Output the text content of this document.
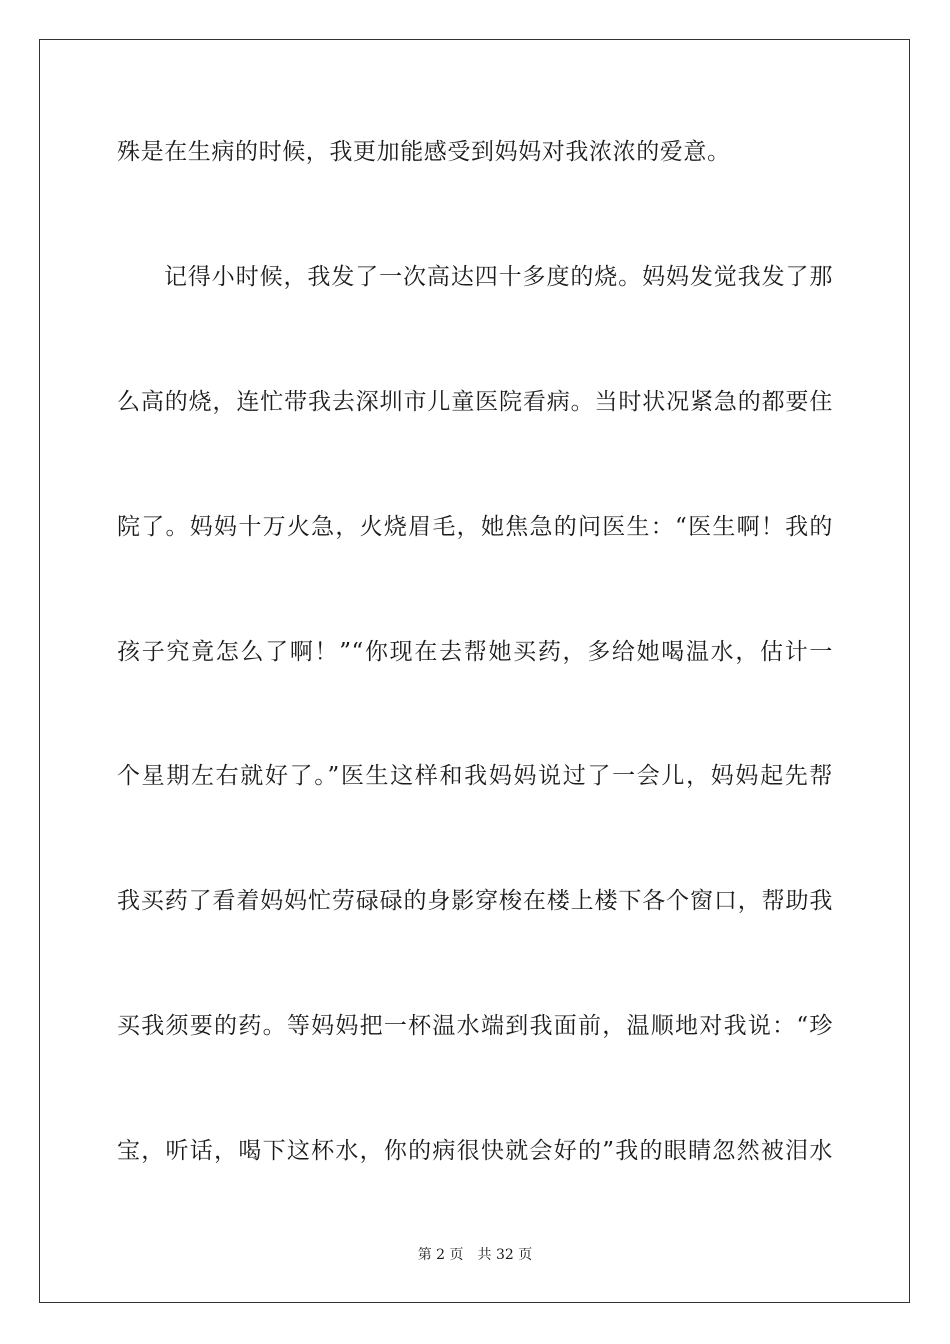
殊是在生病的时候，我更加能感受到妈妈对我浓浓的爱意。
记得小时候，我发了一次高达四十多度的烧。妈妈发觉我发了那
么高的烧，连忙带我去深圳市儿童医院看病。当时状况紧急的都要住
院了。妈妈十万火急，火烧眉毛，她焦急的问医生：“医生啊！我的
孩子究竟怎么了啊！”“你现在去帮她买药，多给她喝温水，估计一
个星期左右就好了。”医生这样和我妈妈说过了一会儿，妈妈起先帮
我买药了看着妈妈忙劳碌碌的身影穿梭在楼上楼下各个窗口，帮助我
买我须要的药。等妈妈把一杯温水端到我面前，温顺地对我说：“珍
宝，听话，喝下这杯水，你的病很快就会好的”我的眼睛忽然被泪水
第 2 页 共 32 页
